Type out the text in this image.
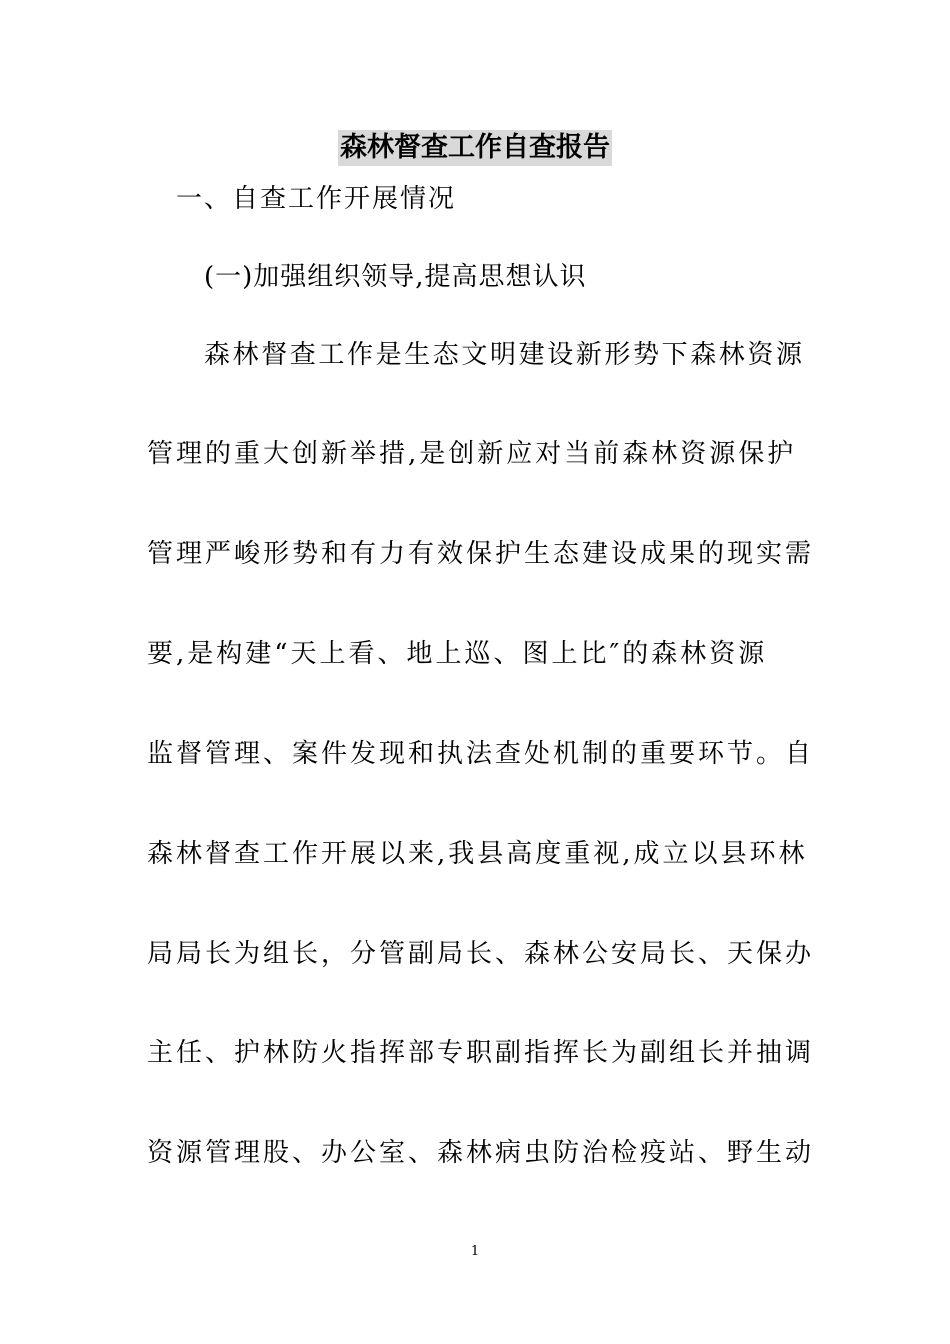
森林督查工作自查报告
一、自查工作开展情况
(一)加强组织领导,提高思想认识
森林督查工作是生态文明建设新形势下森林资源
管理的重大创新举措,是创新应对当前森林资源保护
管理严峻形势和有力有效保护生态建设成果的现实需
要,是构建“天上看、地上巡、图上比″的森林资源
监督管理、案件发现和执法查处机制的重要环节。自
森林督查工作开展以来,我县高度重视,成立以县环林
局局长为组长，分管副局长、森林公安局长、天保办
主任、护林防火指挥部专职副指挥长为副组长并抽调
资源管理股、办公室、森林病虫防治检疫站、野生动
1
